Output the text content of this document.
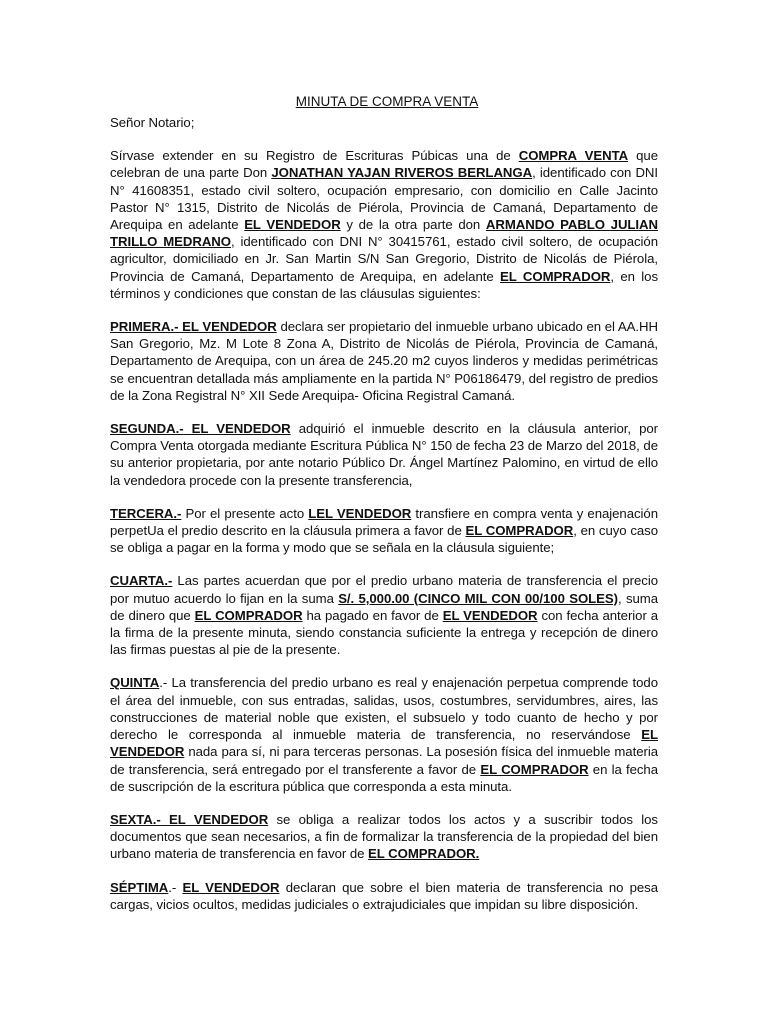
MINUTA DE COMPRA VENTA

Señor Notario;

Sírvase extender en su Registro de Escrituras Púbicas una de COMPRA VENTA que celebran de una parte Don JONATHAN YAJAN RIVEROS BERLANGA, identificado con DNI N° 41608351, estado civil soltero, ocupación empresario, con domicilio en Calle Jacinto Pastor N° 1315, Distrito de Nicolás de Piérola, Provincia de Camaná, Departamento de Arequipa en adelante EL VENDEDOR y de la otra parte don ARMANDO PABLO JULIAN TRILLO MEDRANO, identificado con DNI N° 30415761, estado civil soltero, de ocupación agricultor, domiciliado en Jr. San Martin S/N San Gregorio, Distrito de Nicolás de Piérola, Provincia de Camaná, Departamento de Arequipa, en adelante EL COMPRADOR, en los términos y condiciones que constan de las cláusulas siguientes:

PRIMERA.- EL VENDEDOR declara ser propietario del inmueble urbano ubicado en el AA.HH San Gregorio, Mz. M Lote 8 Zona A, Distrito de Nicolás de Piérola, Provincia de Camaná, Departamento de Arequipa, con un área de 245.20 m2 cuyos linderos y medidas perimétricas se encuentran detallada más ampliamente en la partida N° P06186479, del registro de predios de la Zona Registral N° XII Sede Arequipa- Oficina Registral Camaná.

SEGUNDA.- EL VENDEDOR adquirió el inmueble descrito en la cláusula anterior, por Compra Venta otorgada mediante Escritura Pública N° 150 de fecha 23 de Marzo del 2018, de su anterior propietaria, por ante notario Público Dr. Ángel Martínez Palomino, en virtud de ello la vendedora procede con la presente transferencia,

TERCERA.- Por el presente acto LEL VENDEDOR transfiere en compra venta y enajenación perpetUa el predio descrito en la cláusula primera a favor de EL COMPRADOR, en cuyo caso se obliga a pagar en la forma y modo que se señala en la cláusula siguiente;

CUARTA.- Las partes acuerdan que por el predio urbano materia de transferencia el precio por mutuo acuerdo lo fijan en la suma S/. 5,000.00 (CINCO MIL CON 00/100 SOLES), suma de dinero que EL COMPRADOR ha pagado en favor de EL VENDEDOR con fecha anterior a la firma de la presente minuta, siendo constancia suficiente la entrega y recepción de dinero las firmas puestas al pie de la presente.

QUINTA.- La transferencia del predio urbano es real y enajenación perpetua comprende todo el área del inmueble, con sus entradas, salidas, usos, costumbres, servidumbres, aires, las construcciones de material noble que existen, el subsuelo y todo cuanto de hecho y por derecho le corresponda al inmueble materia de transferencia, no reservándose EL VENDEDOR nada para sí, ni para terceras personas. La posesión física del inmueble materia de transferencia, será entregado por el transferente a favor de EL COMPRADOR en la fecha de suscripción de la escritura pública que corresponda a esta minuta.

SEXTA.- EL VENDEDOR se obliga a realizar todos los actos y a suscribir todos los documentos que sean necesarios, a fin de formalizar la transferencia de la propiedad del bien urbano materia de transferencia en favor de EL COMPRADOR.

SÉPTIMA.- EL VENDEDOR declaran que sobre el bien materia de transferencia no pesa cargas, vicios ocultos, medidas judiciales o extrajudiciales que impidan su libre disposición.
